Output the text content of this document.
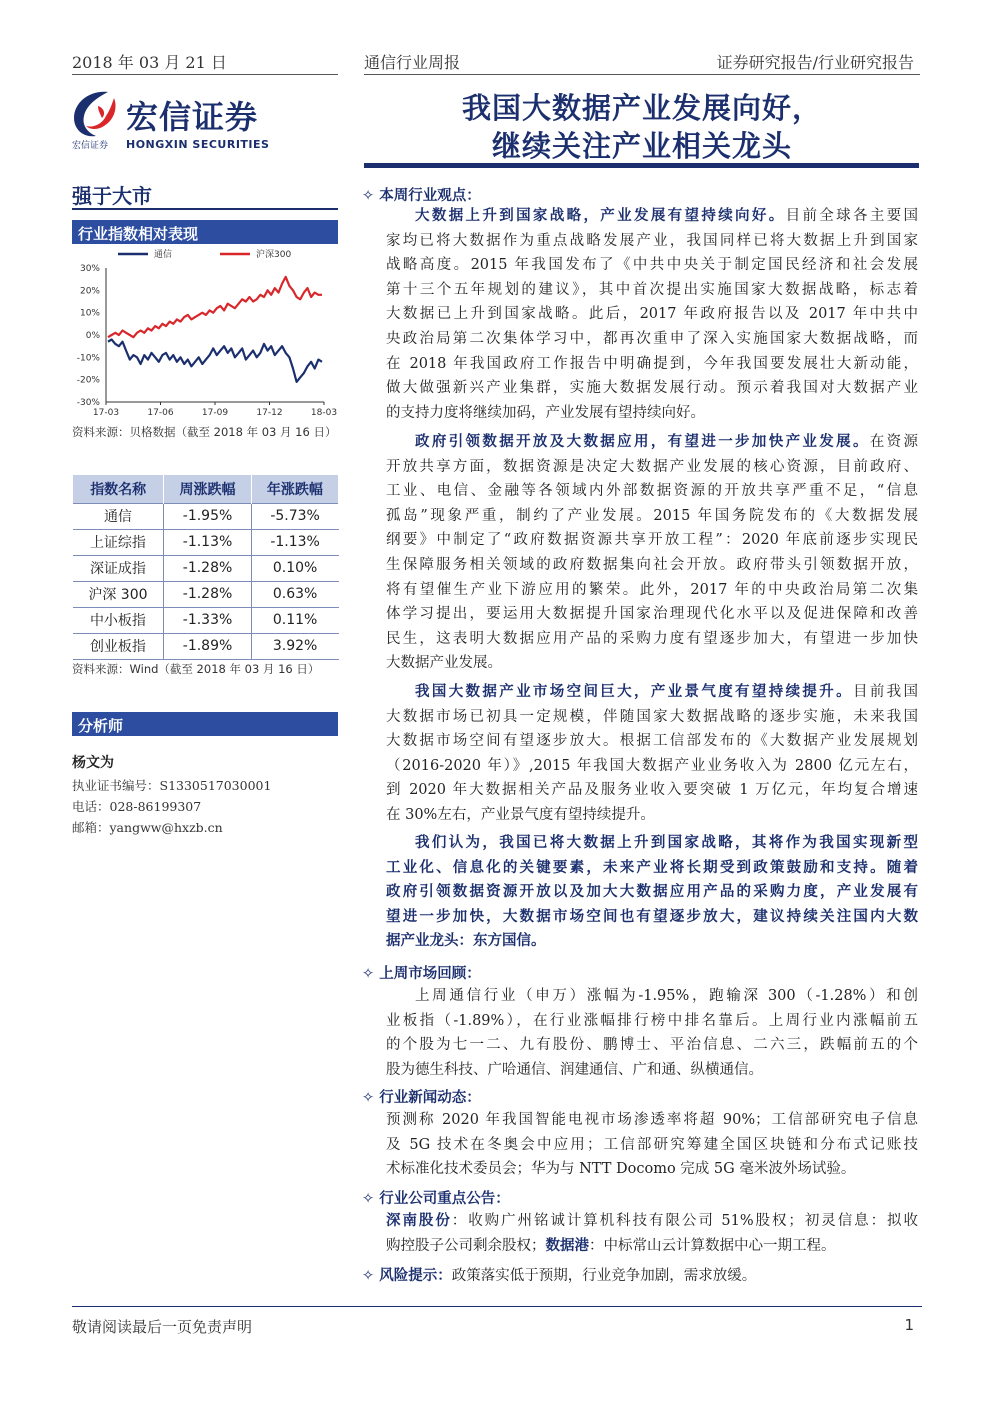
2018 年 03 月 21 日	通信行业周报	证券研究报告/行业研究报告
宏信证券
宏信证券 HONGXIN SECURITIES
我国大数据产业发展向好，
继续关注产业相关龙头
强于大市
行业指数相对表现
30%
20%
10%
0%
-10%
-20%
-30%
17-03	17-06	17-09	17-12	18-03
通信	沪深300
资料来源：贝格数据（截至 2018 年 03 月 16 日）
指数名称	周涨跌幅	年涨跌幅
通信	-1.95%	-5.73%
上证综指	-1.13%	-1.13%
深证成指	-1.28%	0.10%
沪深 300	-1.28%	0.63%
中小板指	-1.33%	0.11%
创业板指	-1.89%	3.92%
资料来源：Wind（截至 2018 年 03 月 16 日）
分析师
杨文为
执业证书编号：S1330517030001
电话：028-86199307
邮箱：yangww@hxzb.cn
✧ 本周行业观点：
大数据上升到国家战略，产业发展有望持续向好。目前全球各主要国
家均已将大数据作为重点战略发展产业，我国同样已将大数据上升到国家
战略高度。2015 年我国发布了《中共中央关于制定国民经济和社会发展
第十三个五年规划的建议》，其中首次提出实施国家大数据战略，标志着
大数据已上升到国家战略。此后，2017 年政府报告以及 2017 年中共中
央政治局第二次集体学习中，都再次重申了深入实施国家大数据战略，而
在 2018 年我国政府工作报告中明确提到，今年我国要发展壮大新动能，
做大做强新兴产业集群，实施大数据发展行动。预示着我国对大数据产业
的支持力度将继续加码，产业发展有望持续向好。
政府引领数据开放及大数据应用，有望进一步加快产业发展。在资源
开放共享方面，数据资源是决定大数据产业发展的核心资源，目前政府、
工业、电信、金融等各领域内外部数据资源的开放共享严重不足，“信息
孤岛”现象严重，制约了产业发展。2015 年国务院发布的《大数据发展
纲要》中制定了“政府数据资源共享开放工程”：2020 年底前逐步实现民
生保障服务相关领域的政府数据集向社会开放。政府带头引领数据开放，
将有望催生产业下游应用的繁荣。此外，2017 年的中央政治局第二次集
体学习提出，要运用大数据提升国家治理现代化水平以及促进保障和改善
民生，这表明大数据应用产品的采购力度有望逐步加大，有望进一步加快
大数据产业发展。
我国大数据产业市场空间巨大，产业景气度有望持续提升。目前我国
大数据市场已初具一定规模，伴随国家大数据战略的逐步实施，未来我国
大数据市场空间有望逐步放大。根据工信部发布的《大数据产业发展规划
（2016-2020 年）》,2015 年我国大数据产业业务收入为 2800 亿元左右，
到 2020 年大数据相关产品及服务业收入要突破 1 万亿元，年均复合增速
在 30%左右，产业景气度有望持续提升。
我们认为，我国已将大数据上升到国家战略，其将作为我国实现新型
工业化、信息化的关键要素，未来产业将长期受到政策鼓励和支持。随着
政府引领数据资源开放以及加大大数据应用产品的采购力度，产业发展有
望进一步加快，大数据市场空间也有望逐步放大，建议持续关注国内大数
据产业龙头：东方国信。
✧ 上周市场回顾：
上周通信行业（申万）涨幅为-1.95%，跑输深 300（-1.28%）和创
业板指（-1.89%），在行业涨幅排行榜中排名靠后。上周行业内涨幅前五
的个股为七一二、九有股份、鹏博士、平治信息、二六三，跌幅前五的个
股为德生科技、广哈通信、润建通信、广和通、纵横通信。
✧ 行业新闻动态：
预测称 2020 年我国智能电视市场渗透率将超 90%；工信部研究电子信息
及 5G 技术在冬奥会中应用；工信部研究筹建全国区块链和分布式记账技
术标准化技术委员会；华为与 NTT Docomo 完成 5G 毫米波外场试验。
✧ 行业公司重点公告：
深南股份：收购广州铭诚计算机科技有限公司 51%股权；初灵信息：拟收
购控股子公司剩余股权；数据港：中标常山云计算数据中心一期工程。
✧ 风险提示：政策落实低于预期，行业竞争加剧，需求放缓。
敬请阅读最后一页免责声明	1
